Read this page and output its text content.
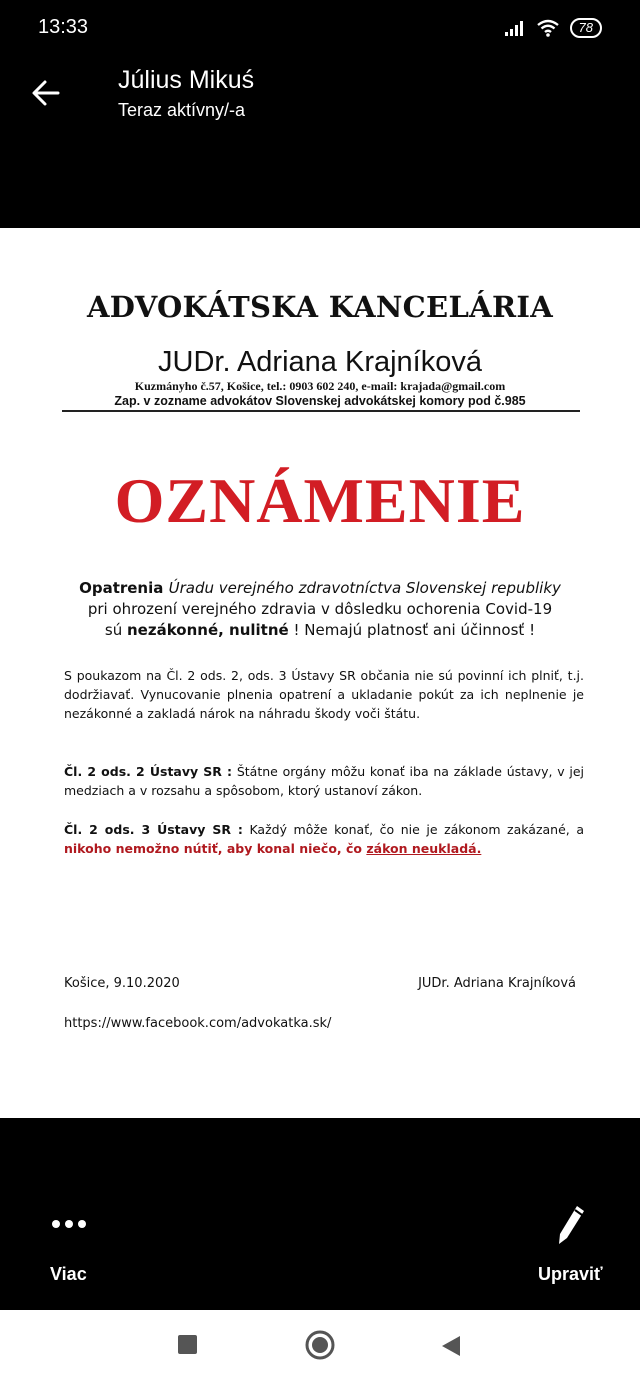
13:33	78
Július Mikuś
Teraz aktívny/-a
ADVOKÁTSKA KANCELÁRIA
JUDr. Adriana Krajníková
Kuzmányho č.57, Košice, tel.: 0903 602 240, e-mail: krajada@gmail.com
Zap. v zozname advokátov Slovenskej advokátskej komory pod č.985
OZNÁMENIE
Opatrenia Úradu verejného zdravotníctva Slovenskej republiky
pri ohrození verejného zdravia v dôsledku ochorenia Covid-19
sú nezákonné, nulitné ! Nemajú platnosť ani účinnosť !
S poukazom na Čl. 2 ods. 2, ods. 3 Ústavy SR občania nie sú povinní ich plniť, t.j. dodržiavať. Vynucovanie plnenia opatrení a ukladanie pokút za ich neplnenie je nezákonné a zakladá nárok na náhradu škody voči štátu.
Čl. 2 ods. 2 Ústavy SR : Štátne orgány môžu konať iba na základe ústavy, v jej medziach a v rozsahu a spôsobom, ktorý ustanoví zákon.
Čl. 2 ods. 3 Ústavy SR : Každý môže konať, čo nie je zákonom zakázané, a nikoho nemožno nútiť, aby konal niečo, čo zákon neukladá.
Košice, 9.10.2020	JUDr. Adriana Krajníková
https://www.facebook.com/advokatka.sk/
Viac	Upraviť
